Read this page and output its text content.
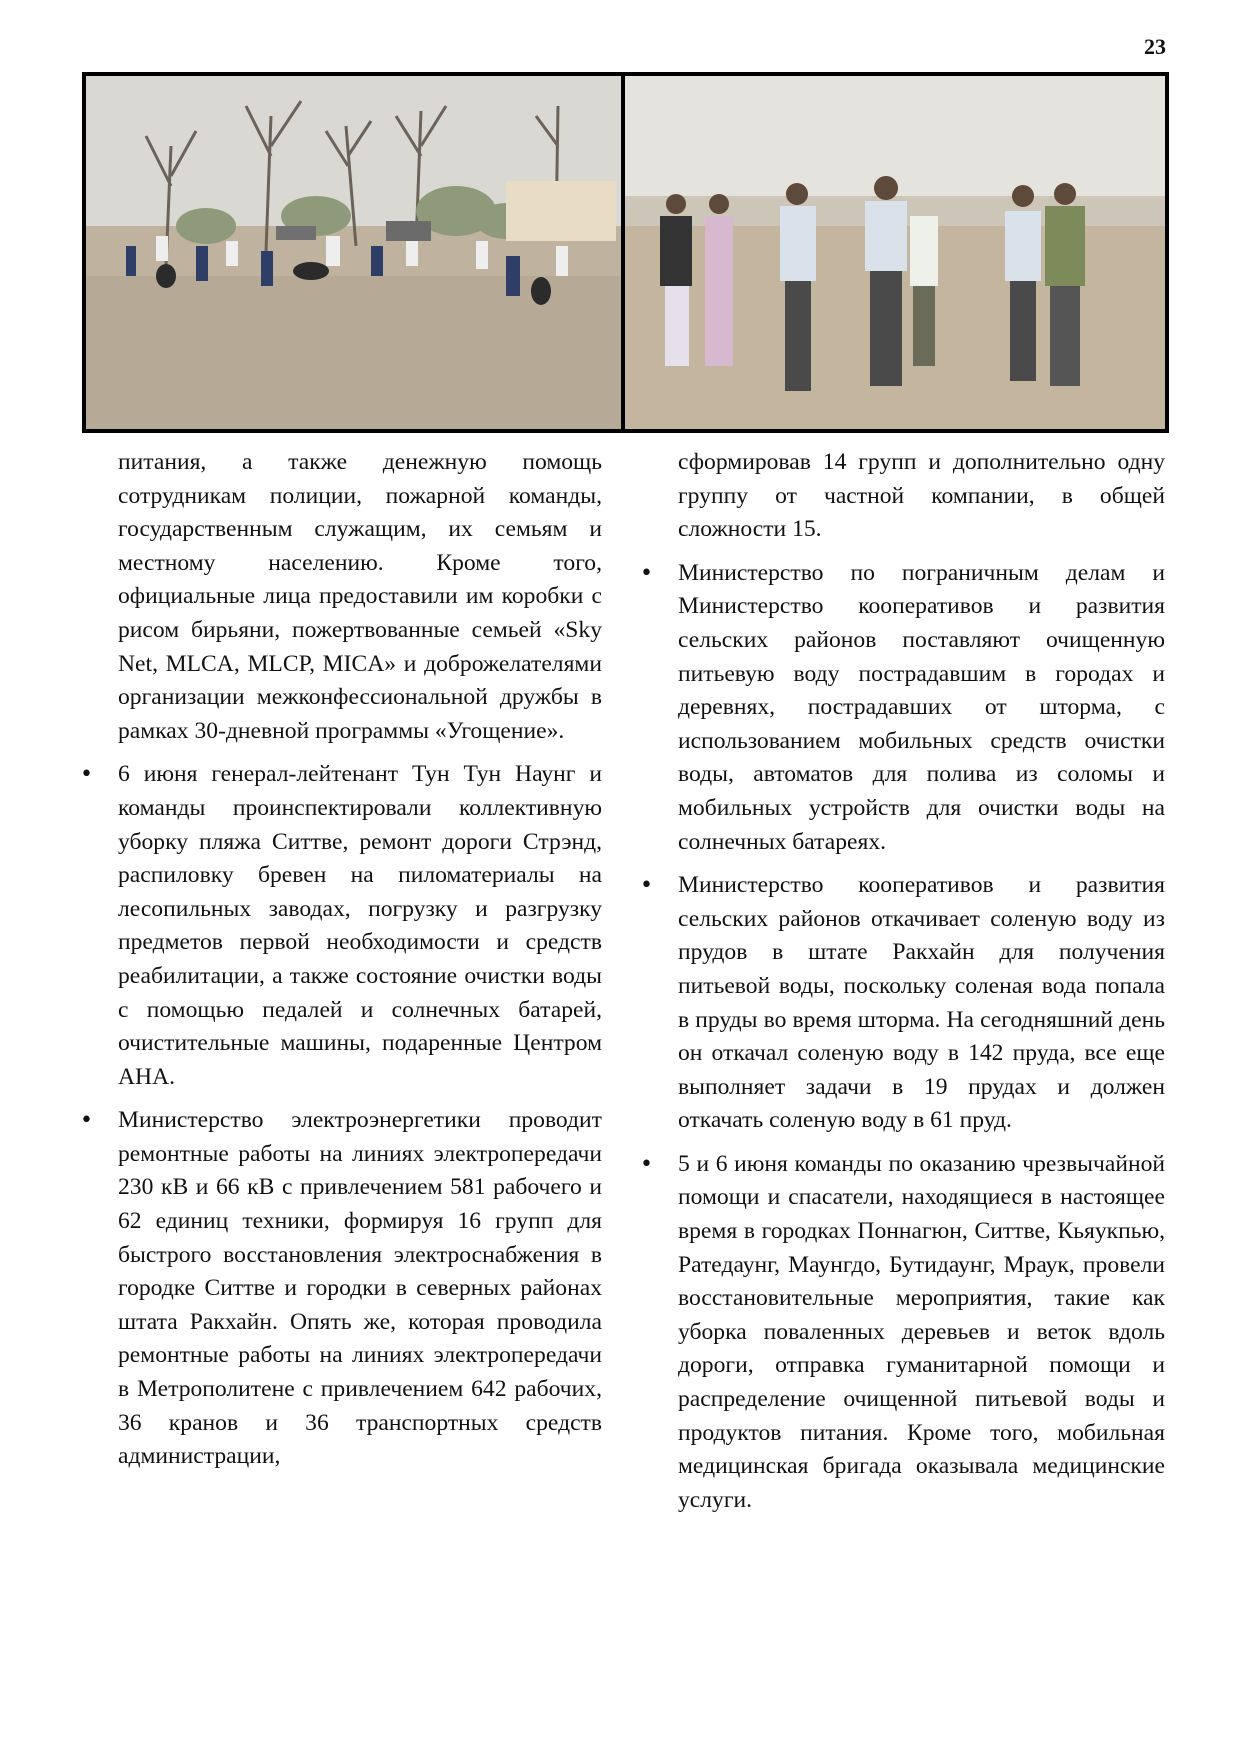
23

питания, а также денежную помощь сотрудникам полиции, пожарной команды, государственным служащим, их семьям и местному населению. Кроме того, официальные лица предоставили им коробки с рисом бирьяни, пожертвованные семьей «Sky Net, MLCA, MLCP, MICA» и доброжелателями организации межконфессиональной дружбы в рамках 30-дневной программы «Угощение».

• 6 июня генерал-лейтенант Тун Тун Наунг и команды проинспектировали коллективную уборку пляжа Ситтве, ремонт дороги Стрэнд, распиловку бревен на пиломатериалы на лесопильных заводах, погрузку и разгрузку предметов первой необходимости и средств реабилитации, а также состояние очистки воды с помощью педалей и солнечных батарей, очистительные машины, подаренные Центром АНА.
• Министерство электроэнергетики проводит ремонтные работы на линиях электропередачи 230 кВ и 66 кВ с привлечением 581 рабочего и 62 единиц техники, формируя 16 групп для быстрого восстановления электроснабжения в городке Ситтве и городки в северных районах штата Ракхайн. Опять же, которая проводила ремонтные работы на линиях электропередачи в Метрополитене с привлечением 642 рабочих, 36 кранов и 36 транспортных средств администрации,

сформировав 14 групп и дополнительно одну группу от частной компании, в общей сложности 15.

• Министерство по пограничным делам и Министерство кооперативов и развития сельских районов поставляют очищенную питьевую воду пострадавшим в городах и деревнях, пострадавших от шторма, с использованием мобильных средств очистки воды, автоматов для полива из соломы и мобильных устройств для очистки воды на солнечных батареях.
• Министерство кооперативов и развития сельских районов откачивает соленую воду из прудов в штате Ракхайн для получения питьевой воды, поскольку соленая вода попала в пруды во время шторма. На сегодняшний день он откачал соленую воду в 142 пруда, все еще выполняет задачи в 19 прудах и должен откачать соленую воду в 61 пруд.
• 5 и 6 июня команды по оказанию чрезвычайной помощи и спасатели, находящиеся в настоящее время в городках Поннагюн, Ситтве, Кьяукпью, Ратедаунг, Маунгдо, Бутидаунг, Мраук, провели восстановительные мероприятия, такие как уборка поваленных деревьев и веток вдоль дороги, отправка гуманитарной помощи и распределение очищенной питьевой воды и продуктов питания. Кроме того, мобильная медицинская бригада оказывала медицинские услуги.
